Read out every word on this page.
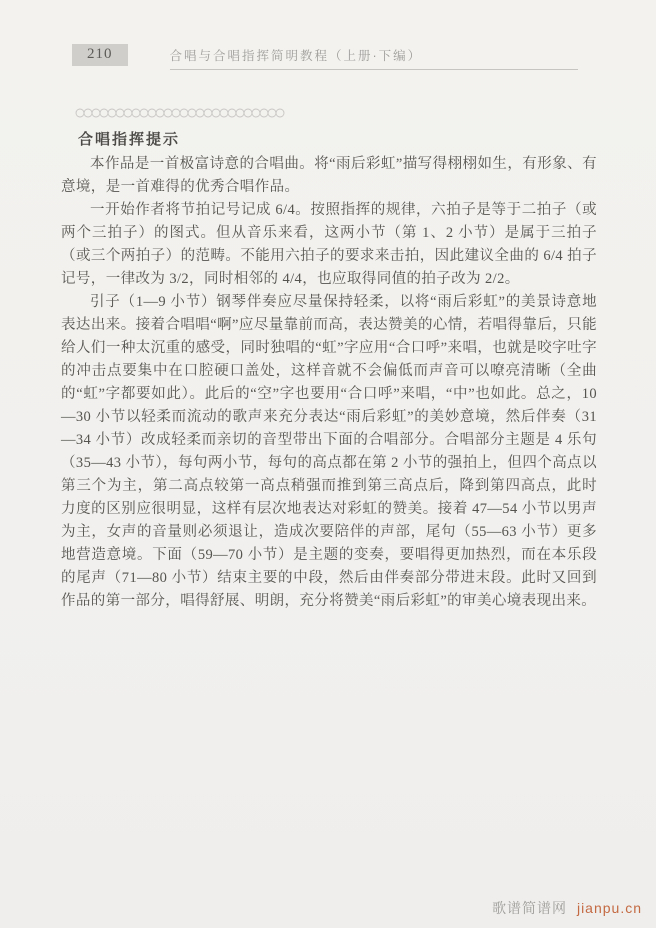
210	合唱与合唱指挥简明教程（上册·下编）
合唱指挥提示

本作品是一首极富诗意的合唱曲。将“雨后彩虹”描写得栩栩如生，有形象、有意境，是一首难得的优秀合唱作品。

一开始作者将节拍记号记成 6/4。按照指挥的规律，六拍子是等于二拍子（或两个三拍子）的图式。但从音乐来看，这两小节（第 1、2 小节）是属于三拍子（或三个两拍子）的范畴。不能用六拍子的要求来击拍，因此建议全曲的 6/4 拍子记号，一律改为 3/2，同时相邻的 4/4，也应取得同值的拍子改为 2/2。

引子（1—9 小节）钢琴伴奏应尽量保持轻柔，以将“雨后彩虹”的美景诗意地表达出来。接着合唱唱“啊”应尽量靠前而高，表达赞美的心情，若唱得靠后，只能给人们一种太沉重的感受，同时独唱的“虹”字应用“合口呼”来唱，也就是咬字吐字的冲击点要集中在口腔硬口盖处，这样音就不会偏低而声音可以嘹亮清晰（全曲的“虹”字都要如此）。此后的“空”字也要用“合口呼”来唱，“中”也如此。总之，10—30 小节以轻柔而流动的歌声来充分表达“雨后彩虹”的美妙意境，然后伴奏（31—34 小节）改成轻柔而亲切的音型带出下面的合唱部分。合唱部分主题是 4 乐句（35—43 小节），每句两小节，每句的高点都在第 2 小节的强拍上，但四个高点以第三个为主，第二高点较第一高点稍强而推到第三高点后，降到第四高点，此时力度的区别应很明显，这样有层次地表达对彩虹的赞美。接着 47—54 小节以男声为主，女声的音量则必须退让，造成次要陪伴的声部，尾句（55—63 小节）更多地营造意境。下面（59—70 小节）是主题的变奏，要唱得更加热烈，而在本乐段的尾声（71—80 小节）结束主要的中段，然后由伴奏部分带进末段。此时又回到作品的第一部分，唱得舒展、明朗，充分将赞美“雨后彩虹”的审美心境表现出来。

歌谱简谱网 jianpu.cn
